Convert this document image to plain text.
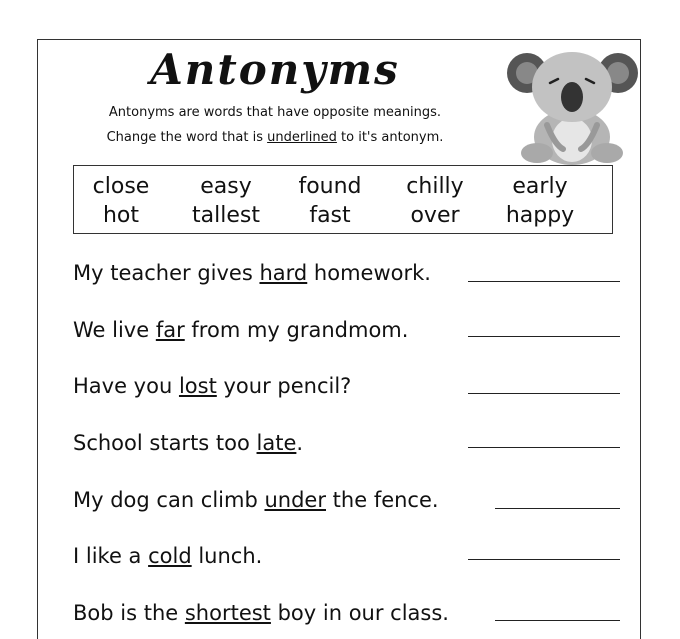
Antonyms
Antonyms are words that have opposite meanings.
Change the word that is underlined to it's antonym.
close	easy	found	chilly	early
hot	tallest	fast	over	happy
My teacher gives hard homework.
We live far from my grandmom.
Have you lost your pencil?
School starts too late.
My dog can climb under the fence.
I like a cold lunch.
Bob is the shortest boy in our class.
